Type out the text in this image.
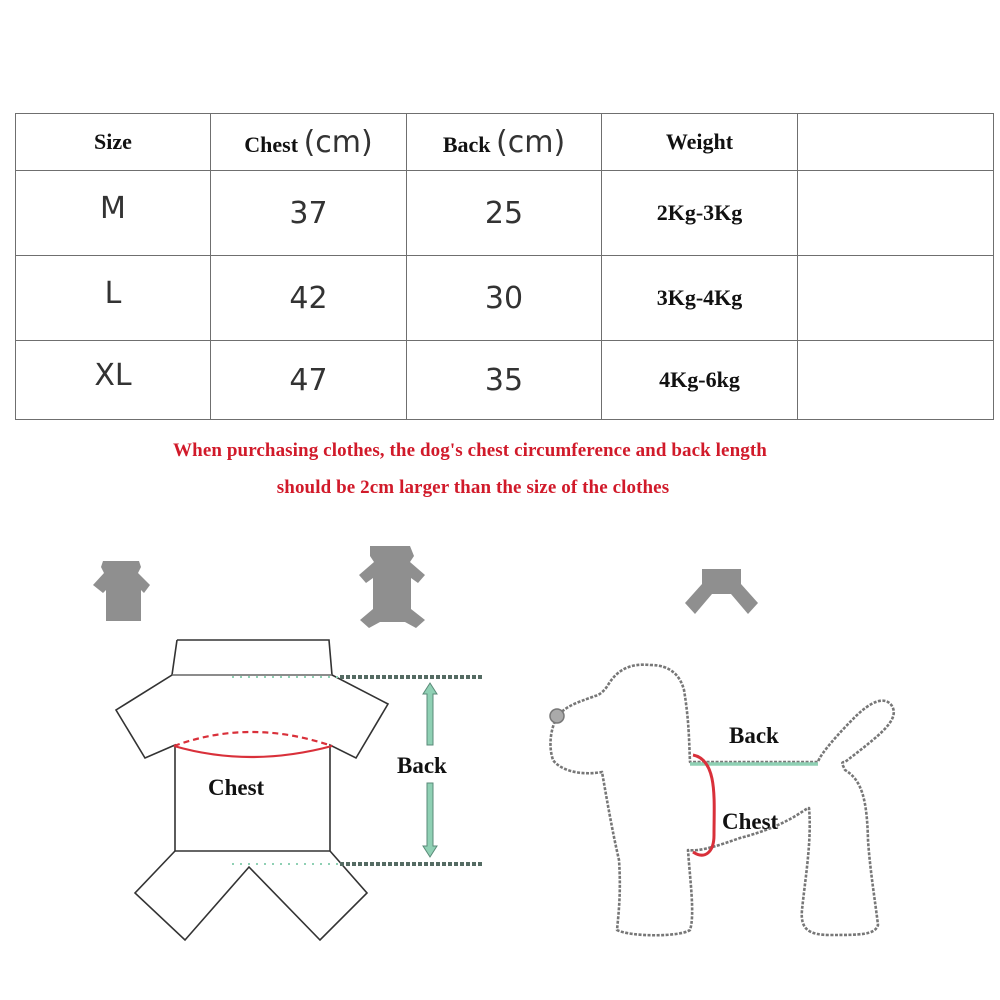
Size	Chest (cm)	Back (cm)	Weight	
M	37	25	2Kg-3Kg	
L	42	30	3Kg-4Kg	
XL	47	35	4Kg-6kg	
When purchasing clothes, the dog's chest circumference and back length
should be 2cm larger than the size of the clothes
Chest
Back
Back
Chest
